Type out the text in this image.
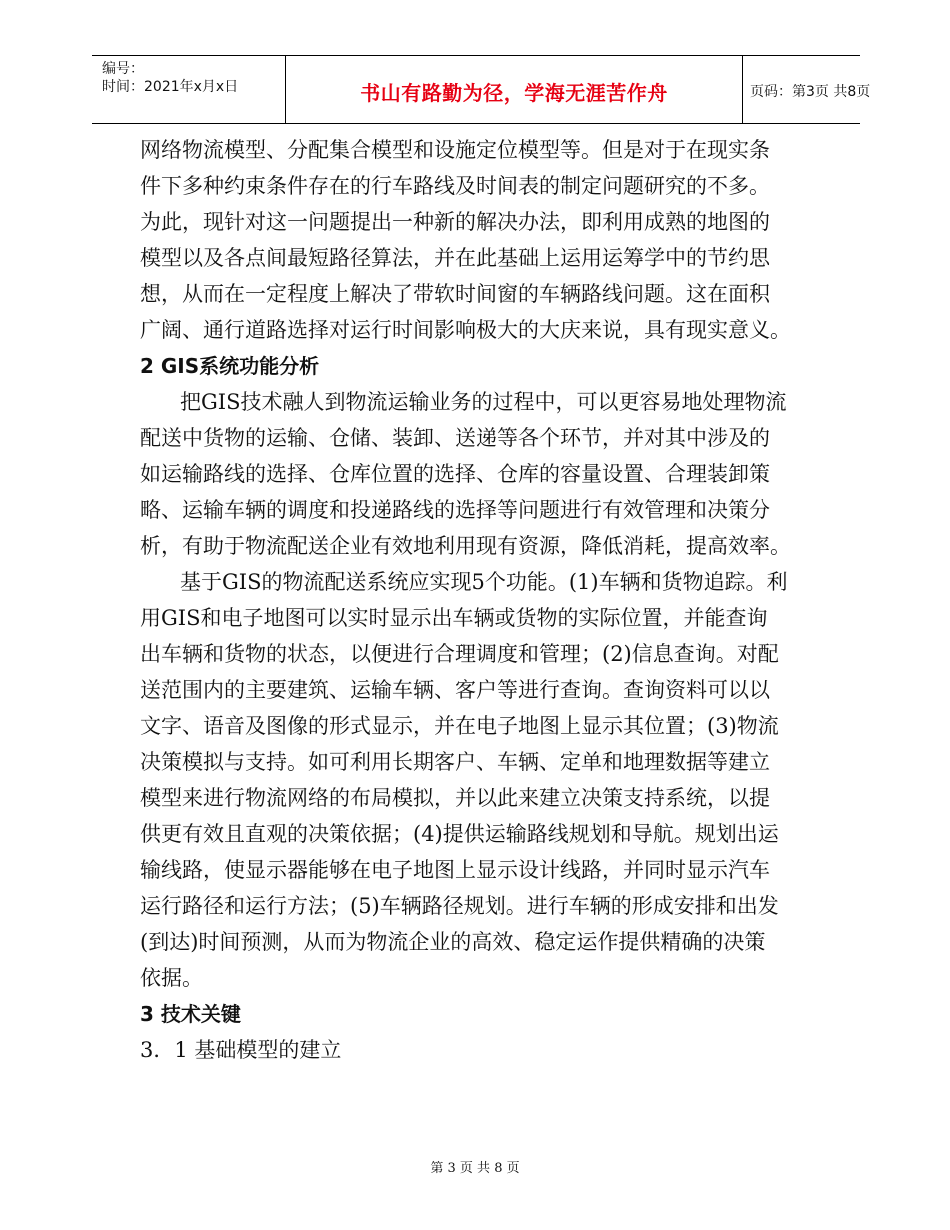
编号：
时间：2021年x月x日	书山有路勤为径，学海无涯苦作舟	页码：第3页 共8页
网络物流模型、分配集合模型和设施定位模型等。但是对于在现实条
件下多种约束条件存在的行车路线及时间表的制定问题研究的不多。
为此，现针对这一问题提出一种新的解决办法，即利用成熟的地图的
模型以及各点间最短路径算法，并在此基础上运用运筹学中的节约思
想，从而在一定程度上解决了带软时间窗的车辆路线问题。这在面积
广阔、通行道路选择对运行时间影响极大的大庆来说，具有现实意义。
2 GIS系统功能分析
把GIS技术融人到物流运输业务的过程中，可以更容易地处理物流
配送中货物的运输、仓储、装卸、送递等各个环节，并对其中涉及的
如运输路线的选择、仓库位置的选择、仓库的容量设置、合理装卸策
略、运输车辆的调度和投递路线的选择等问题进行有效管理和决策分
析，有助于物流配送企业有效地利用现有资源，降低消耗，提高效率。
基于GIS的物流配送系统应实现5个功能。(1)车辆和货物追踪。利
用GIS和电子地图可以实时显示出车辆或货物的实际位置，并能查询
出车辆和货物的状态，以便进行合理调度和管理；(2)信息查询。对配
送范围内的主要建筑、运输车辆、客户等进行查询。查询资料可以以
文字、语音及图像的形式显示，并在电子地图上显示其位置；(3)物流
决策模拟与支持。如可利用长期客户、车辆、定单和地理数据等建立
模型来进行物流网络的布局模拟，并以此来建立决策支持系统，以提
供更有效且直观的决策依据；(4)提供运输路线规划和导航。规划出运
输线路，使显示器能够在电子地图上显示设计线路，并同时显示汽车
运行路径和运行方法；(5)车辆路径规划。进行车辆的形成安排和出发
(到达)时间预测，从而为物流企业的高效、稳定运作提供精确的决策
依据。
3 技术关键
3．1 基础模型的建立
第 3 页 共 8 页
